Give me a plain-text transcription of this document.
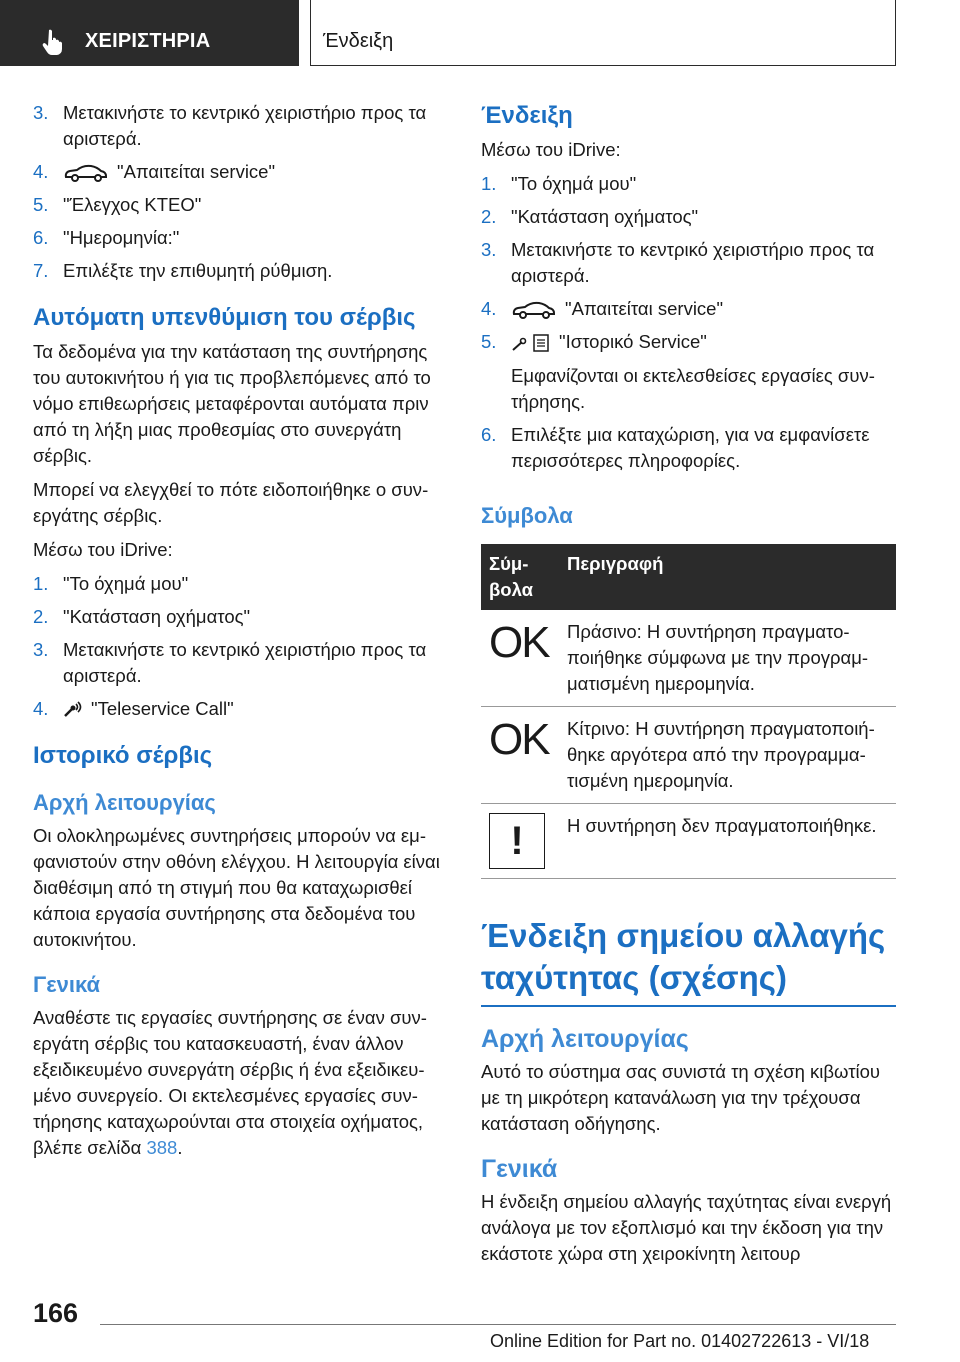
ΧΕΙΡΙΣΤΗΡΙΑ	Ένδειξη
3. Μετακινήστε το κεντρικό χειριστήριο προς τα αριστερά.
4.	"Απαιτείται service"
5. "Έλεγχος ΚΤΕΟ"
6. "Ημερομηνία:"
7. Επιλέξτε την επιθυμητή ρύθμιση.
Αυτόματη υπενθύμιση του σέρβις

Τα δεδομένα για την κατάσταση της συντήρησης του αυτοκινήτου ή για τις προβλεπόμενες από το νόμο επιθεωρήσεις μεταφέρονται αυτόματα πριν από τη λήξη μιας προθεσμίας στο συνεργάτη σέρβις.

Μπορεί να ελεγχθεί το πότε ειδοποιήθηκε ο συνεργάτης σέρβις.

Μέσω του iDrive:

1. "Το όχημά μου"
2. "Κατάσταση οχήματος"
3. Μετακινήστε το κεντρικό χειριστήριο προς τα αριστερά.
4. "Teleservice Call"
Ιστορικό σέρβις
Αρχή λειτουργίας

Οι ολοκληρωμένες συντηρήσεις μπορούν να εμφανιστούν στην οθόνη ελέγχου. Η λειτουργία είναι διαθέσιμη από τη στιγμή που θα καταχωρισθεί κάποια εργασία συντήρησης στα δεδομένα του αυτοκινήτου.

Γενικά

Αναθέστε τις εργασίες συντήρησης σε έναν συνεργάτη σέρβις του κατασκευαστή, έναν άλλον εξειδικευμένο συνεργάτη σέρβις ή ένα εξειδικευμένο συνεργείο. Οι εκτελεσμένες εργασίες συντήρησης καταχωρούνται στα στοιχεία οχήματος, βλέπε σελίδα 388.

Ένδειξη

Μέσω του iDrive:

1. "Το όχημά μου"
2. "Κατάσταση οχήματος"
3. Μετακινήστε το κεντρικό χειριστήριο προς τα αριστερά.
4.	"Απαιτείται service"
5.	"Ιστορικό Service"
Εμφανίζονται οι εκτελεσθείσες εργασίες συντήρησης.
6. Επιλέξτε μια καταχώριση, για να εμφανίσετε περισσότερες πληροφορίες.
Σύμβολα
Σύμβολα	Περιγραφή

OK	Πράσινο: Η συντήρηση πραγματοποιήθηκε σύμφωνα με την προγραμματισμένη ημερομηνία.

OK	Κίτρινο: Η συντήρηση πραγματοποιήθηκε αργότερα από την προγραμματισμένη ημερομηνία.

!	Η συντήρηση δεν πραγματοποιήθηκε.
Ένδειξη σημείου αλλαγής ταχύτητας (σχέσης)
Αρχή λειτουργίας

Αυτό το σύστημα σας συνιστά τη σχέση κιβωτίου με τη μικρότερη κατανάλωση για την τρέχουσα κατάσταση οδήγησης.

Γενικά

Η ένδειξη σημείου αλλαγής ταχύτητας είναι ενεργή ανάλογα με τον εξοπλισμό και την έκδοση για την εκάστοτε χώρα στη χειροκίνητη λειτουρ

166
Online Edition for Part no. 01402722613 - VI/18
